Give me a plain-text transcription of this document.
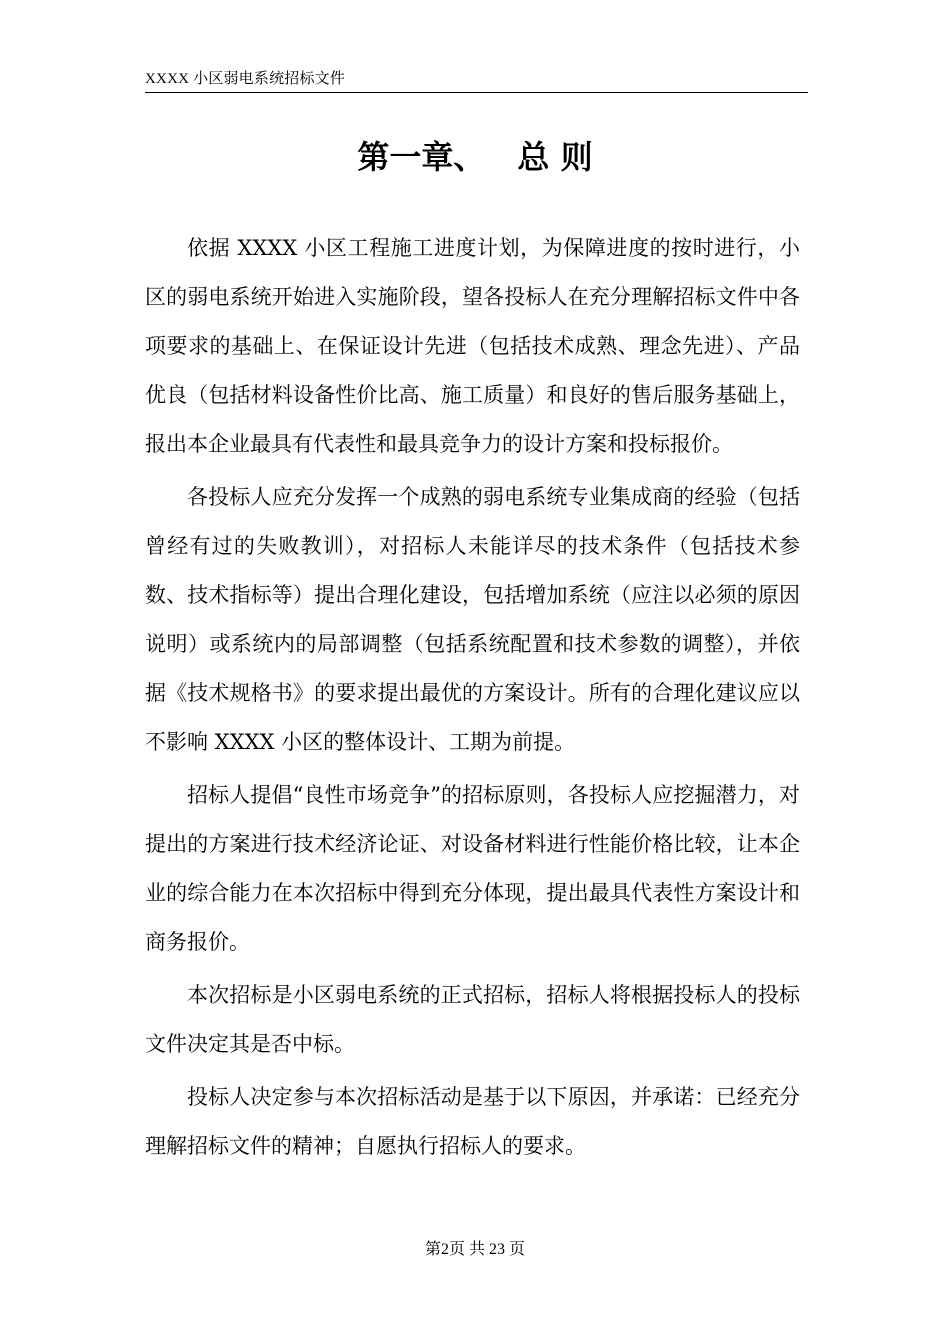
XXXX 小区弱电系统招标文件
第一章、 总 则

依据 XXXX 小区工程施工进度计划，为保障进度的按时进行，小区的弱电系统开始进入实施阶段，望各投标人在充分理解招标文件中各项要求的基础上、在保证设计先进（包括技术成熟、理念先进）、产品优良（包括材料设备性价比高、施工质量）和良好的售后服务基础上，报出本企业最具有代表性和最具竞争力的设计方案和投标报价。

各投标人应充分发挥一个成熟的弱电系统专业集成商的经验（包括曾经有过的失败教训），对招标人未能详尽的技术条件（包括技术参数、技术指标等）提出合理化建设，包括增加系统（应注以必须的原因说明）或系统内的局部调整（包括系统配置和技术参数的调整），并依据《技术规格书》的要求提出最优的方案设计。所有的合理化建议应以不影响 XXXX 小区的整体设计、工期为前提。

招标人提倡“良性市场竞争”的招标原则，各投标人应挖掘潜力，对提出的方案进行技术经济论证、对设备材料进行性能价格比较，让本企业的综合能力在本次招标中得到充分体现，提出最具代表性方案设计和商务报价。

本次招标是小区弱电系统的正式招标，招标人将根据投标人的投标文件决定其是否中标。

投标人决定参与本次招标活动是基于以下原因，并承诺：已经充分理解招标文件的精神；自愿执行招标人的要求。

第2页 共 23 页
